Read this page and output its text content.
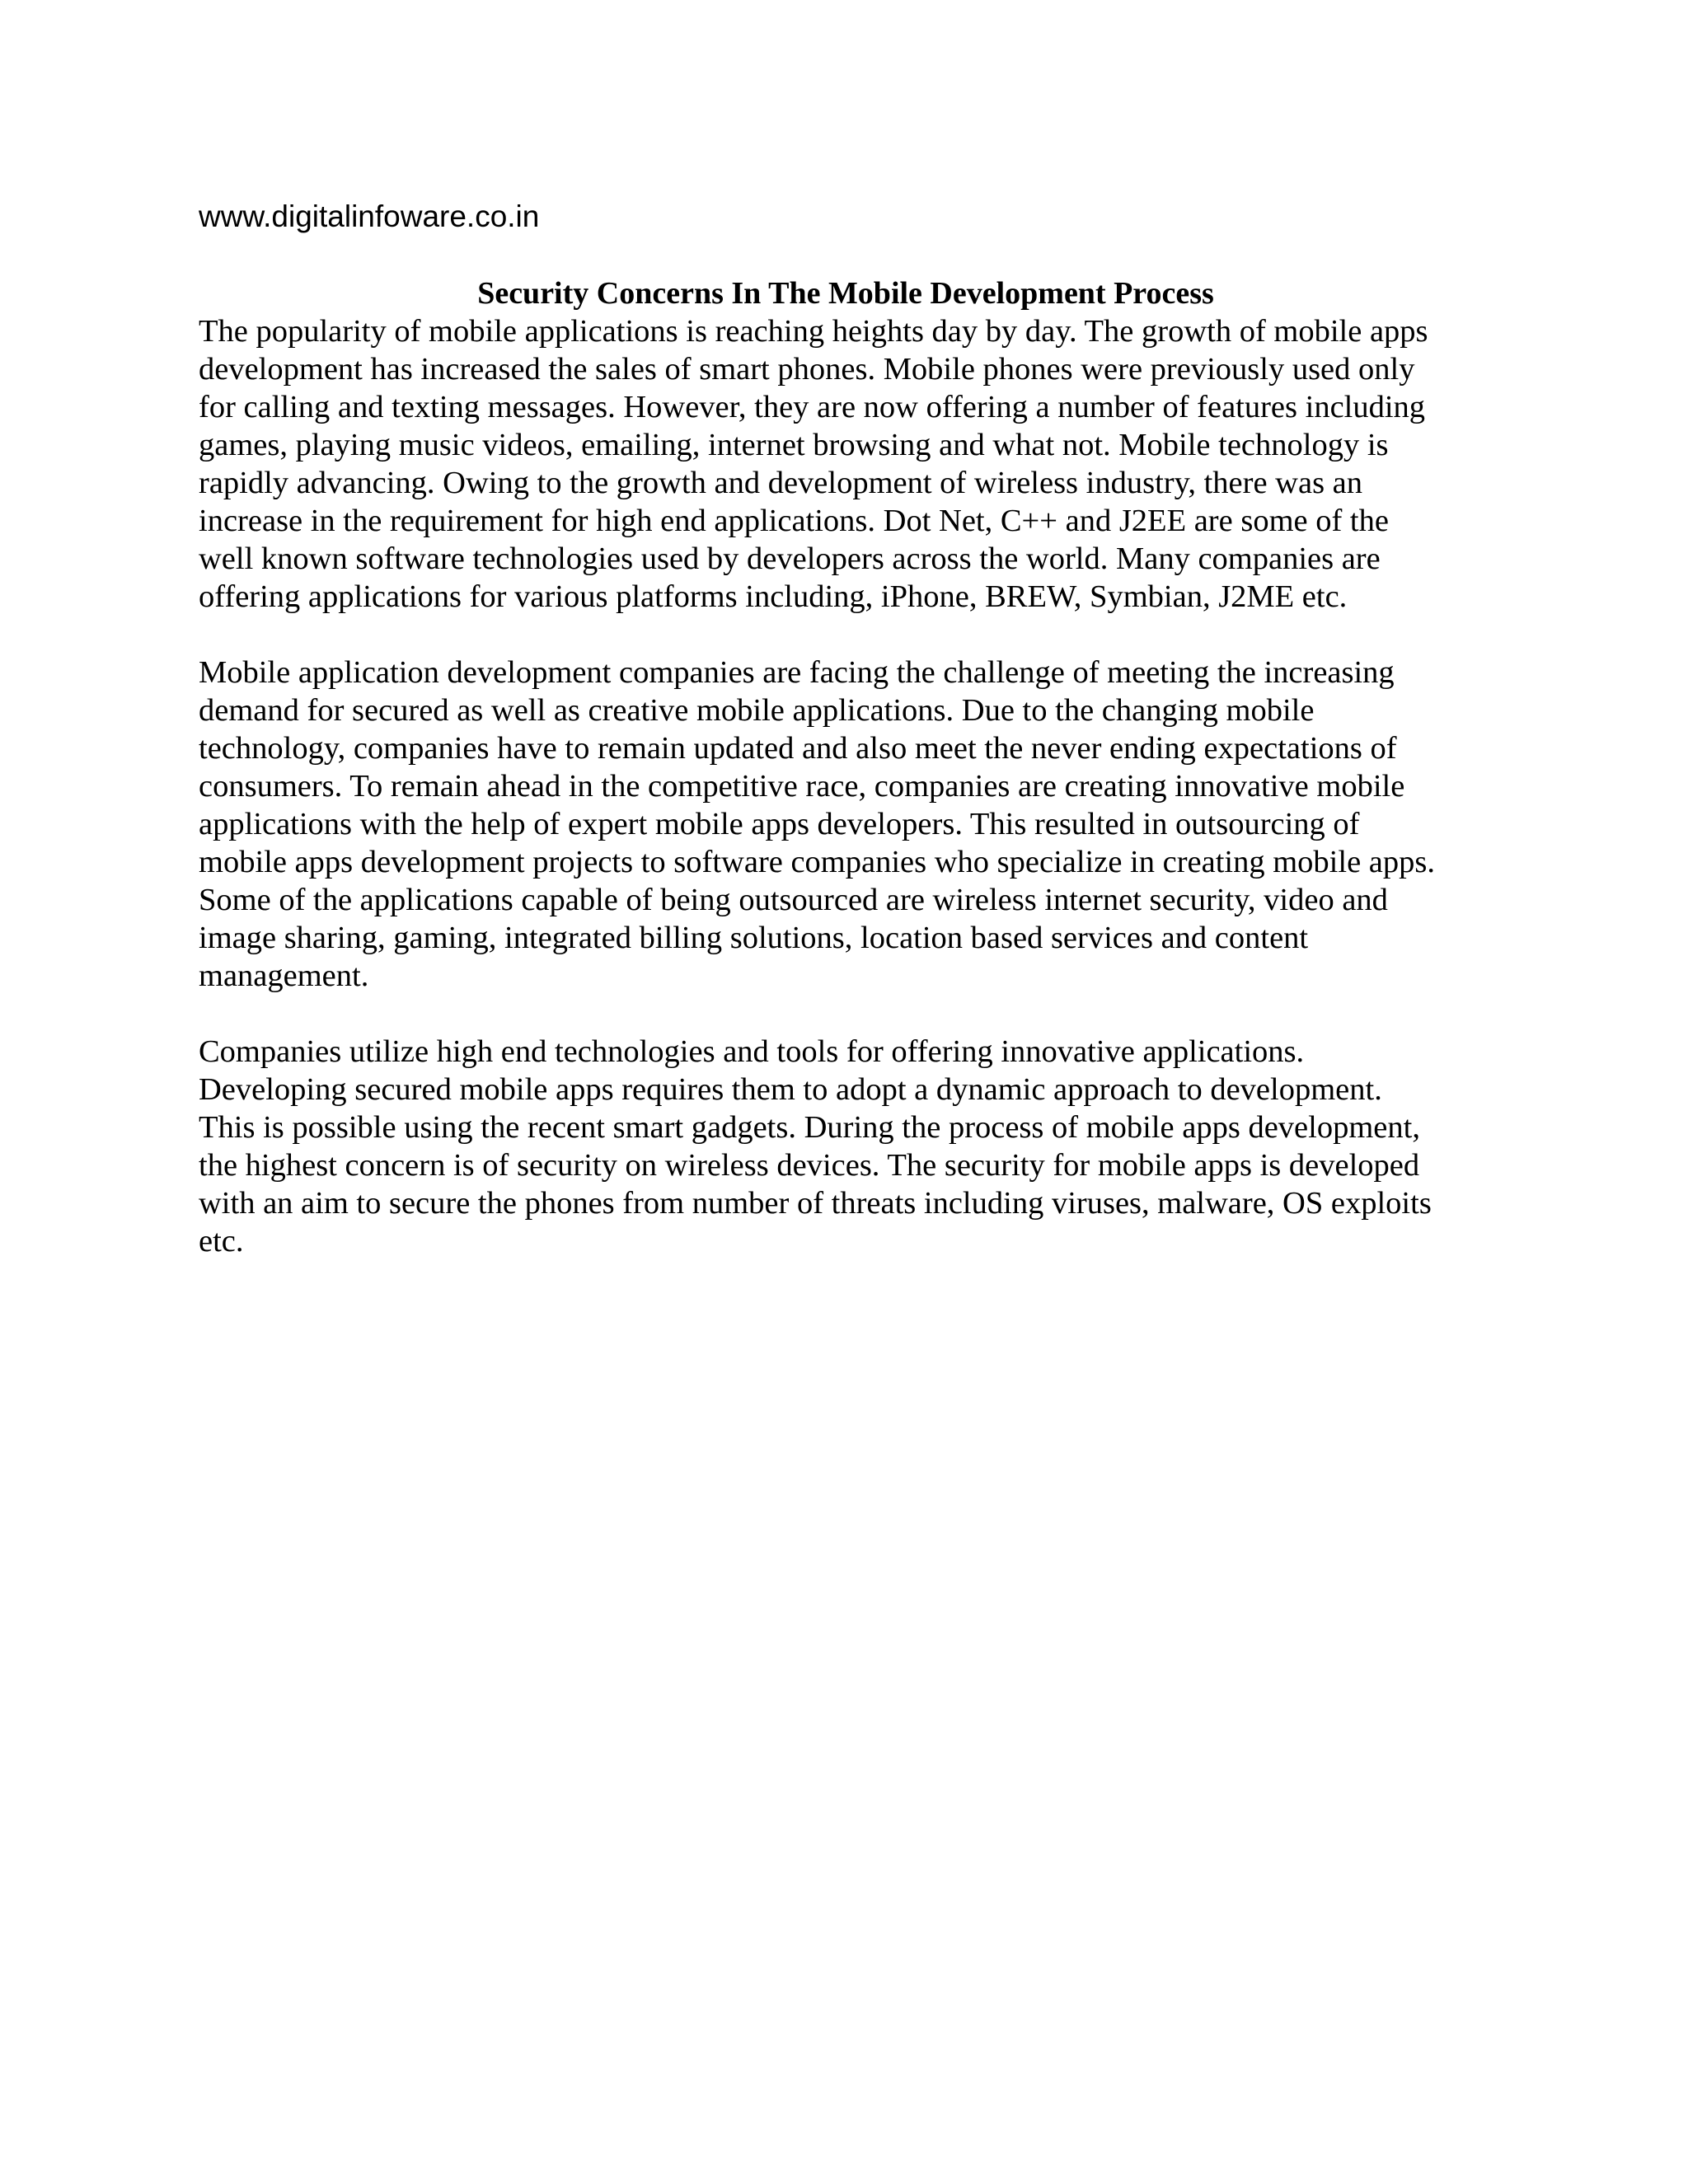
www.digitalinfoware.co.in

Security Concerns In The Mobile Development Process

The popularity of mobile applications is reaching heights day by day. The growth of mobile apps
development has increased the sales of smart phones. Mobile phones were previously used only
for calling and texting messages. However, they are now offering a number of features including
games, playing music videos, emailing, internet browsing and what not. Mobile technology is
rapidly advancing. Owing to the growth and development of wireless industry, there was an
increase in the requirement for high end applications. Dot Net, C++ and J2EE are some of the
well known software technologies used by developers across the world. Many companies are
offering applications for various platforms including, iPhone, BREW, Symbian, J2ME etc.

Mobile application development companies are facing the challenge of meeting the increasing
demand for secured as well as creative mobile applications. Due to the changing mobile
technology, companies have to remain updated and also meet the never ending expectations of
consumers. To remain ahead in the competitive race, companies are creating innovative mobile
applications with the help of expert mobile apps developers. This resulted in outsourcing of
mobile apps development projects to software companies who specialize in creating mobile apps.
Some of the applications capable of being outsourced are wireless internet security, video and
image sharing, gaming, integrated billing solutions, location based services and content
management.

Companies utilize high end technologies and tools for offering innovative applications.
Developing secured mobile apps requires them to adopt a dynamic approach to development.
This is possible using the recent smart gadgets. During the process of mobile apps development,
the highest concern is of security on wireless devices. The security for mobile apps is developed
with an aim to secure the phones from number of threats including viruses, malware, OS exploits
etc.
